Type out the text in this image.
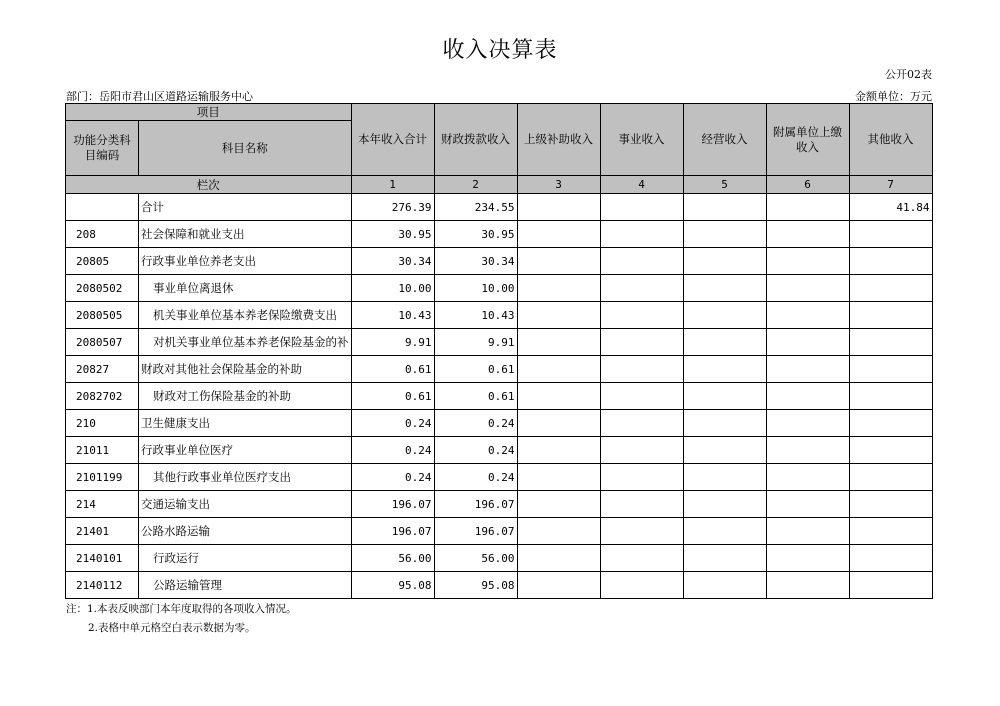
收入决算表
公开02表
部门：岳阳市君山区道路运输服务中心	金额单位：万元
项目		本年收入合计	财政拨款收入	上级补助收入	事业收入	经营收入	附属单位上缴收入	其他收入
功能分类科目编码	科目名称							
栏次		1	2	3	4	5	6	7
	合计	276.39	234.55					41.84
208	社会保障和就业支出	30.95	30.95					
20805	行政事业单位养老支出	30.34	30.34					
2080502	事业单位离退休	10.00	10.00					
2080505	机关事业单位基本养老保险缴费支出	10.43	10.43					
2080507	对机关事业单位基本养老保险基金的补	9.91	9.91					
20827	财政对其他社会保险基金的补助	0.61	0.61					
2082702	财政对工伤保险基金的补助	0.61	0.61					
210	卫生健康支出	0.24	0.24					
21011	行政事业单位医疗	0.24	0.24					
2101199	其他行政事业单位医疗支出	0.24	0.24					
214	交通运输支出	196.07	196.07					
21401	公路水路运输	196.07	196.07					
2140101	行政运行	56.00	56.00					
2140112	公路运输管理	95.08	95.08					
注：1.本表反映部门本年度取得的各项收入情况。
2.表格中单元格空白表示数据为零。
